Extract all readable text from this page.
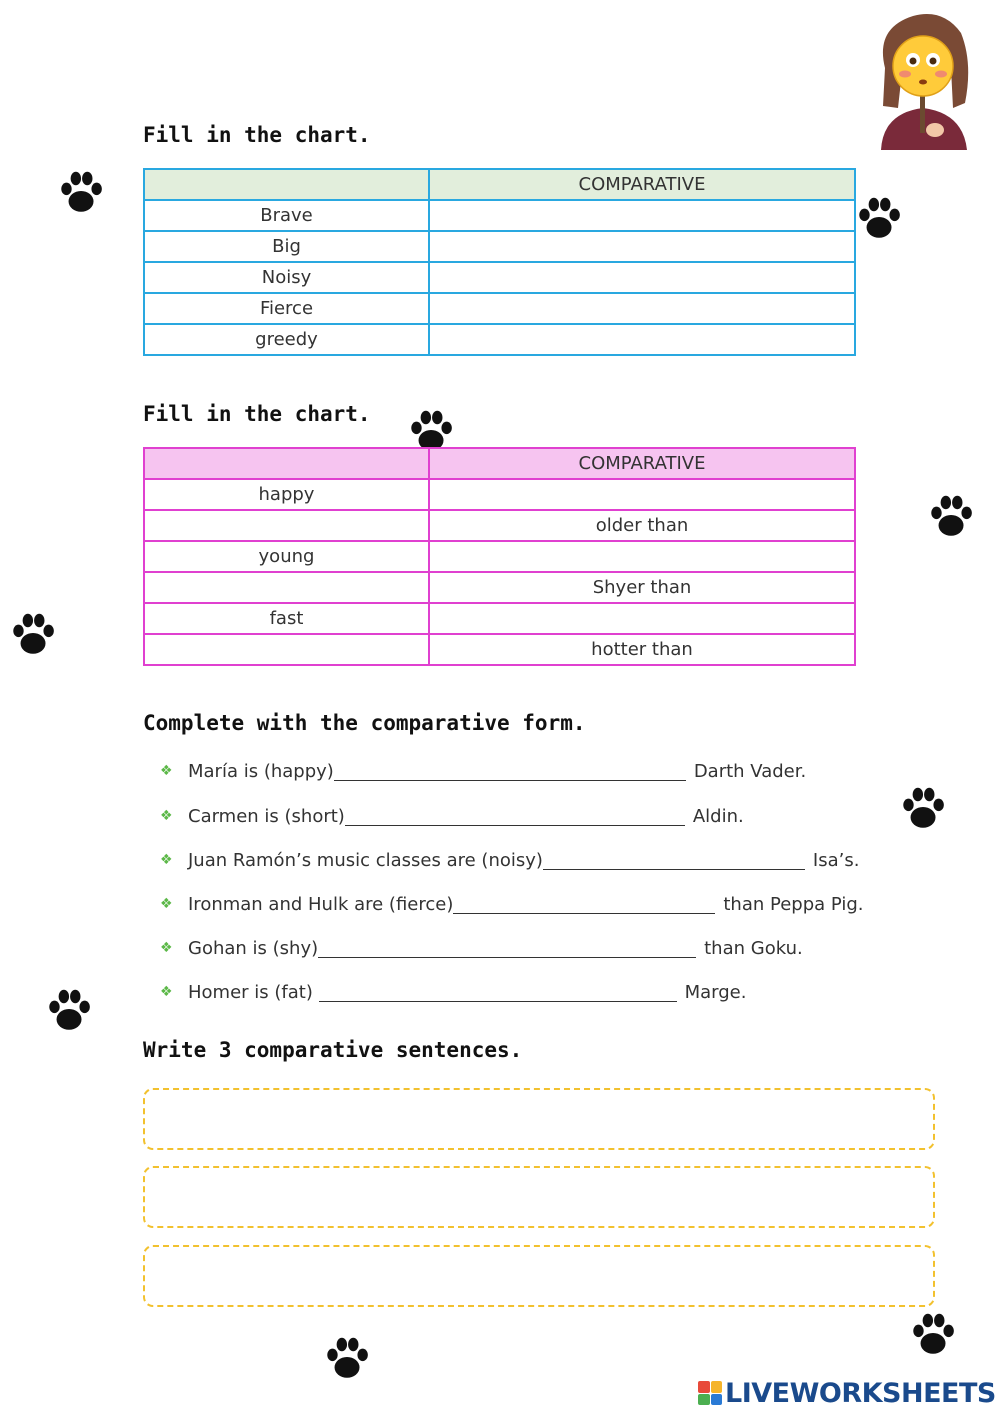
Fill in the chart.
	COMPARATIVE
Brave	
Big	
Noisy	
Fierce	
greedy	
Fill in the chart.
	COMPARATIVE
happy	
	older than
young	
	Shyer than
fast	
	hotter than
Complete with the comparative form.
❖ María is (happy)	Darth Vader.
❖ Carmen is (short)	Aldin.
❖ Juan Ramón’s music classes are (noisy)	Isa’s.
❖ Ironman and Hulk are (fierce)	than Peppa Pig.
❖ Gohan is (shy)	than Goku.
❖ Homer is (fat)	Marge.
Write 3 comparative sentences.
LIVEWORKSHEETS
